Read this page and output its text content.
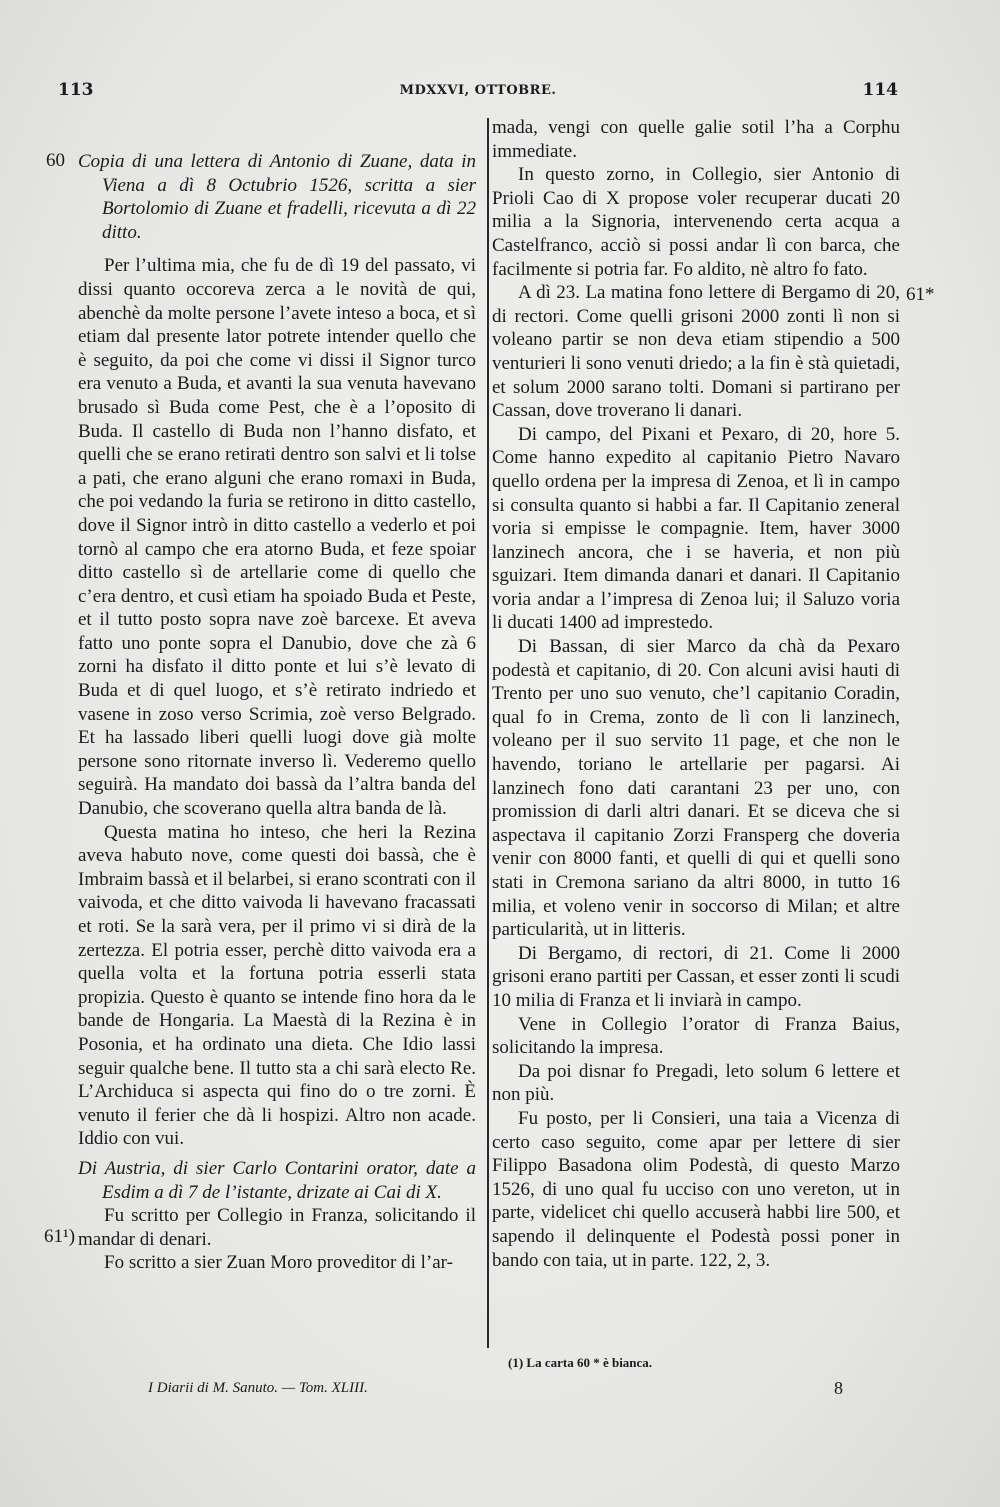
113	MDXXVI, OTTOBRE.	114
60
61¹)
61*

Copia di una lettera di Antonio di Zuane, data in Viena a dì 8 Octubrio 1526, scritta a sier Bortolomio di Zuane et fradelli, ricevuta a dì 22 ditto.

Per l’ultima mia, che fu de dì 19 del passato, vi dissi quanto occoreva zerca a le novità de qui, abenchè da molte persone l’avete inteso a boca, et sì etiam dal presente lator potrete intender quello che è seguito, da poi che come vi dissi il Signor turco era venuto a Buda, et avanti la sua venuta havevano brusado sì Buda come Pest, che è a l’oposito di Buda. Il castello di Buda non l’hanno disfato, et quelli che se erano retirati dentro son salvi et li tolse a pati, che erano alguni che erano romaxi in Buda, che poi vedando la furia se retirono in ditto castello, dove il Signor intrò in ditto castello a vederlo et poi tornò al campo che era atorno Buda, et feze spoiar ditto castello sì de artellarie come di quello che c’era dentro, et cusì etiam ha spoiado Buda et Peste, et il tutto posto sopra nave zoè barcexe. Et aveva fatto uno ponte sopra el Danubio, dove che zà 6 zorni ha disfato il ditto ponte et lui s’è levato di Buda et di quel luogo, et s’è retirato indriedo et vasene in zoso verso Scrimia, zoè verso Belgrado. Et ha lassado liberi quelli luogi dove già molte persone sono ritornate inverso lì. Vederemo quello seguirà. Ha mandato doi bassà da l’altra banda del Danubio, che scoverano quella altra banda de là.

Questa matina ho inteso, che heri la Rezina aveva habuto nove, come questi doi bassà, che è Imbraim bassà et il belarbei, si erano scontrati con il vaivoda, et che ditto vaivoda li havevano fracassati et roti. Se la sarà vera, per il primo vi si dirà de la zertezza. El potria esser, perchè ditto vaivoda era a quella volta et la fortuna potria esserli stata propizia. Questo è quanto se intende fino hora da le bande de Hongaria. La Maestà di la Rezina è in Posonia, et ha ordinato una dieta. Che Idio lassi seguir qualche bene. Il tutto sta a chi sarà electo Re. L’Archiduca si aspecta qui fino do o tre zorni. È venuto il ferier che dà li hospizi. Altro non acade. Iddio con vui.

Di Austria, di sier Carlo Contarini orator, date a Esdim a dì 7 de l’istante, drizate ai Cai di X.

Fu scritto per Collegio in Franza, solicitando il mandar di denari.

Fo scritto a sier Zuan Moro proveditor di l’ar-

mada, vengi con quelle galie sotil l’ha a Corphu immediate.

In questo zorno, in Collegio, sier Antonio di Prioli Cao di X propose voler recuperar ducati 20 milia a la Signoria, intervenendo certa acqua a Castelfranco, acciò si possi andar lì con barca, che facilmente si potria far. Fo aldito, nè altro fo fato.

A dì 23. La matina fono lettere di Bergamo di 20, di rectori. Come quelli grisoni 2000 zonti lì non si voleano partir se non deva etiam stipendio a 500 venturieri li sono venuti driedo; a la fin è stà quietadi, et solum 2000 sarano tolti. Domani si partirano per Cassan, dove troverano li danari.

Di campo, del Pixani et Pexaro, di 20, hore 5. Come hanno expedito al capitanio Pietro Navaro quello ordena per la impresa di Zenoa, et lì in campo si consulta quanto si habbi a far. Il Capitanio zeneral voria si empisse le compagnie. Item, haver 3000 lanzinech ancora, che i se haveria, et non più sguizari. Item dimanda danari et danari. Il Capitanio voria andar a l’impresa di Zenoa lui; il Saluzo voria li ducati 1400 ad imprestedo.

Di Bassan, di sier Marco da chà da Pexaro podestà et capitanio, di 20. Con alcuni avisi hauti di Trento per uno suo venuto, che’l capitanio Coradin, qual fo in Crema, zonto de lì con li lanzinech, voleano per il suo servito 11 page, et che non le havendo, toriano le artellarie per pagarsi. Ai lanzinech fono dati carantani 23 per uno, con promission di darli altri danari. Et se diceva che si aspectava il capitanio Zorzi Fransperg che doveria venir con 8000 fanti, et quelli di qui et quelli sono stati in Cremona sariano da altri 8000, in tutto 16 milia, et voleno venir in soccorso di Milan; et altre particularità, ut in litteris.

Di Bergamo, di rectori, di 21. Come li 2000 grisoni erano partiti per Cassan, et esser zonti li scudi 10 milia di Franza et li inviarà in campo.

Vene in Collegio l’orator di Franza Baius, solicitando la impresa.

Da poi disnar fo Pregadi, leto solum 6 lettere et non più.

Fu posto, per li Consieri, una taia a Vicenza di certo caso seguito, come apar per lettere di sier Filippo Basadona olim Podestà, di questo Marzo 1526, di uno qual fu ucciso con uno vereton, ut in parte, videlicet chi quello accuserà habbi lire 500, et sapendo il delinquente el Podestà possi poner in bando con taia, ut in parte. 122, 2, 3.

(1) La carta 60 * è bianca.
I Diarii di M. Sanuto. — Tom. XLIII.	8
